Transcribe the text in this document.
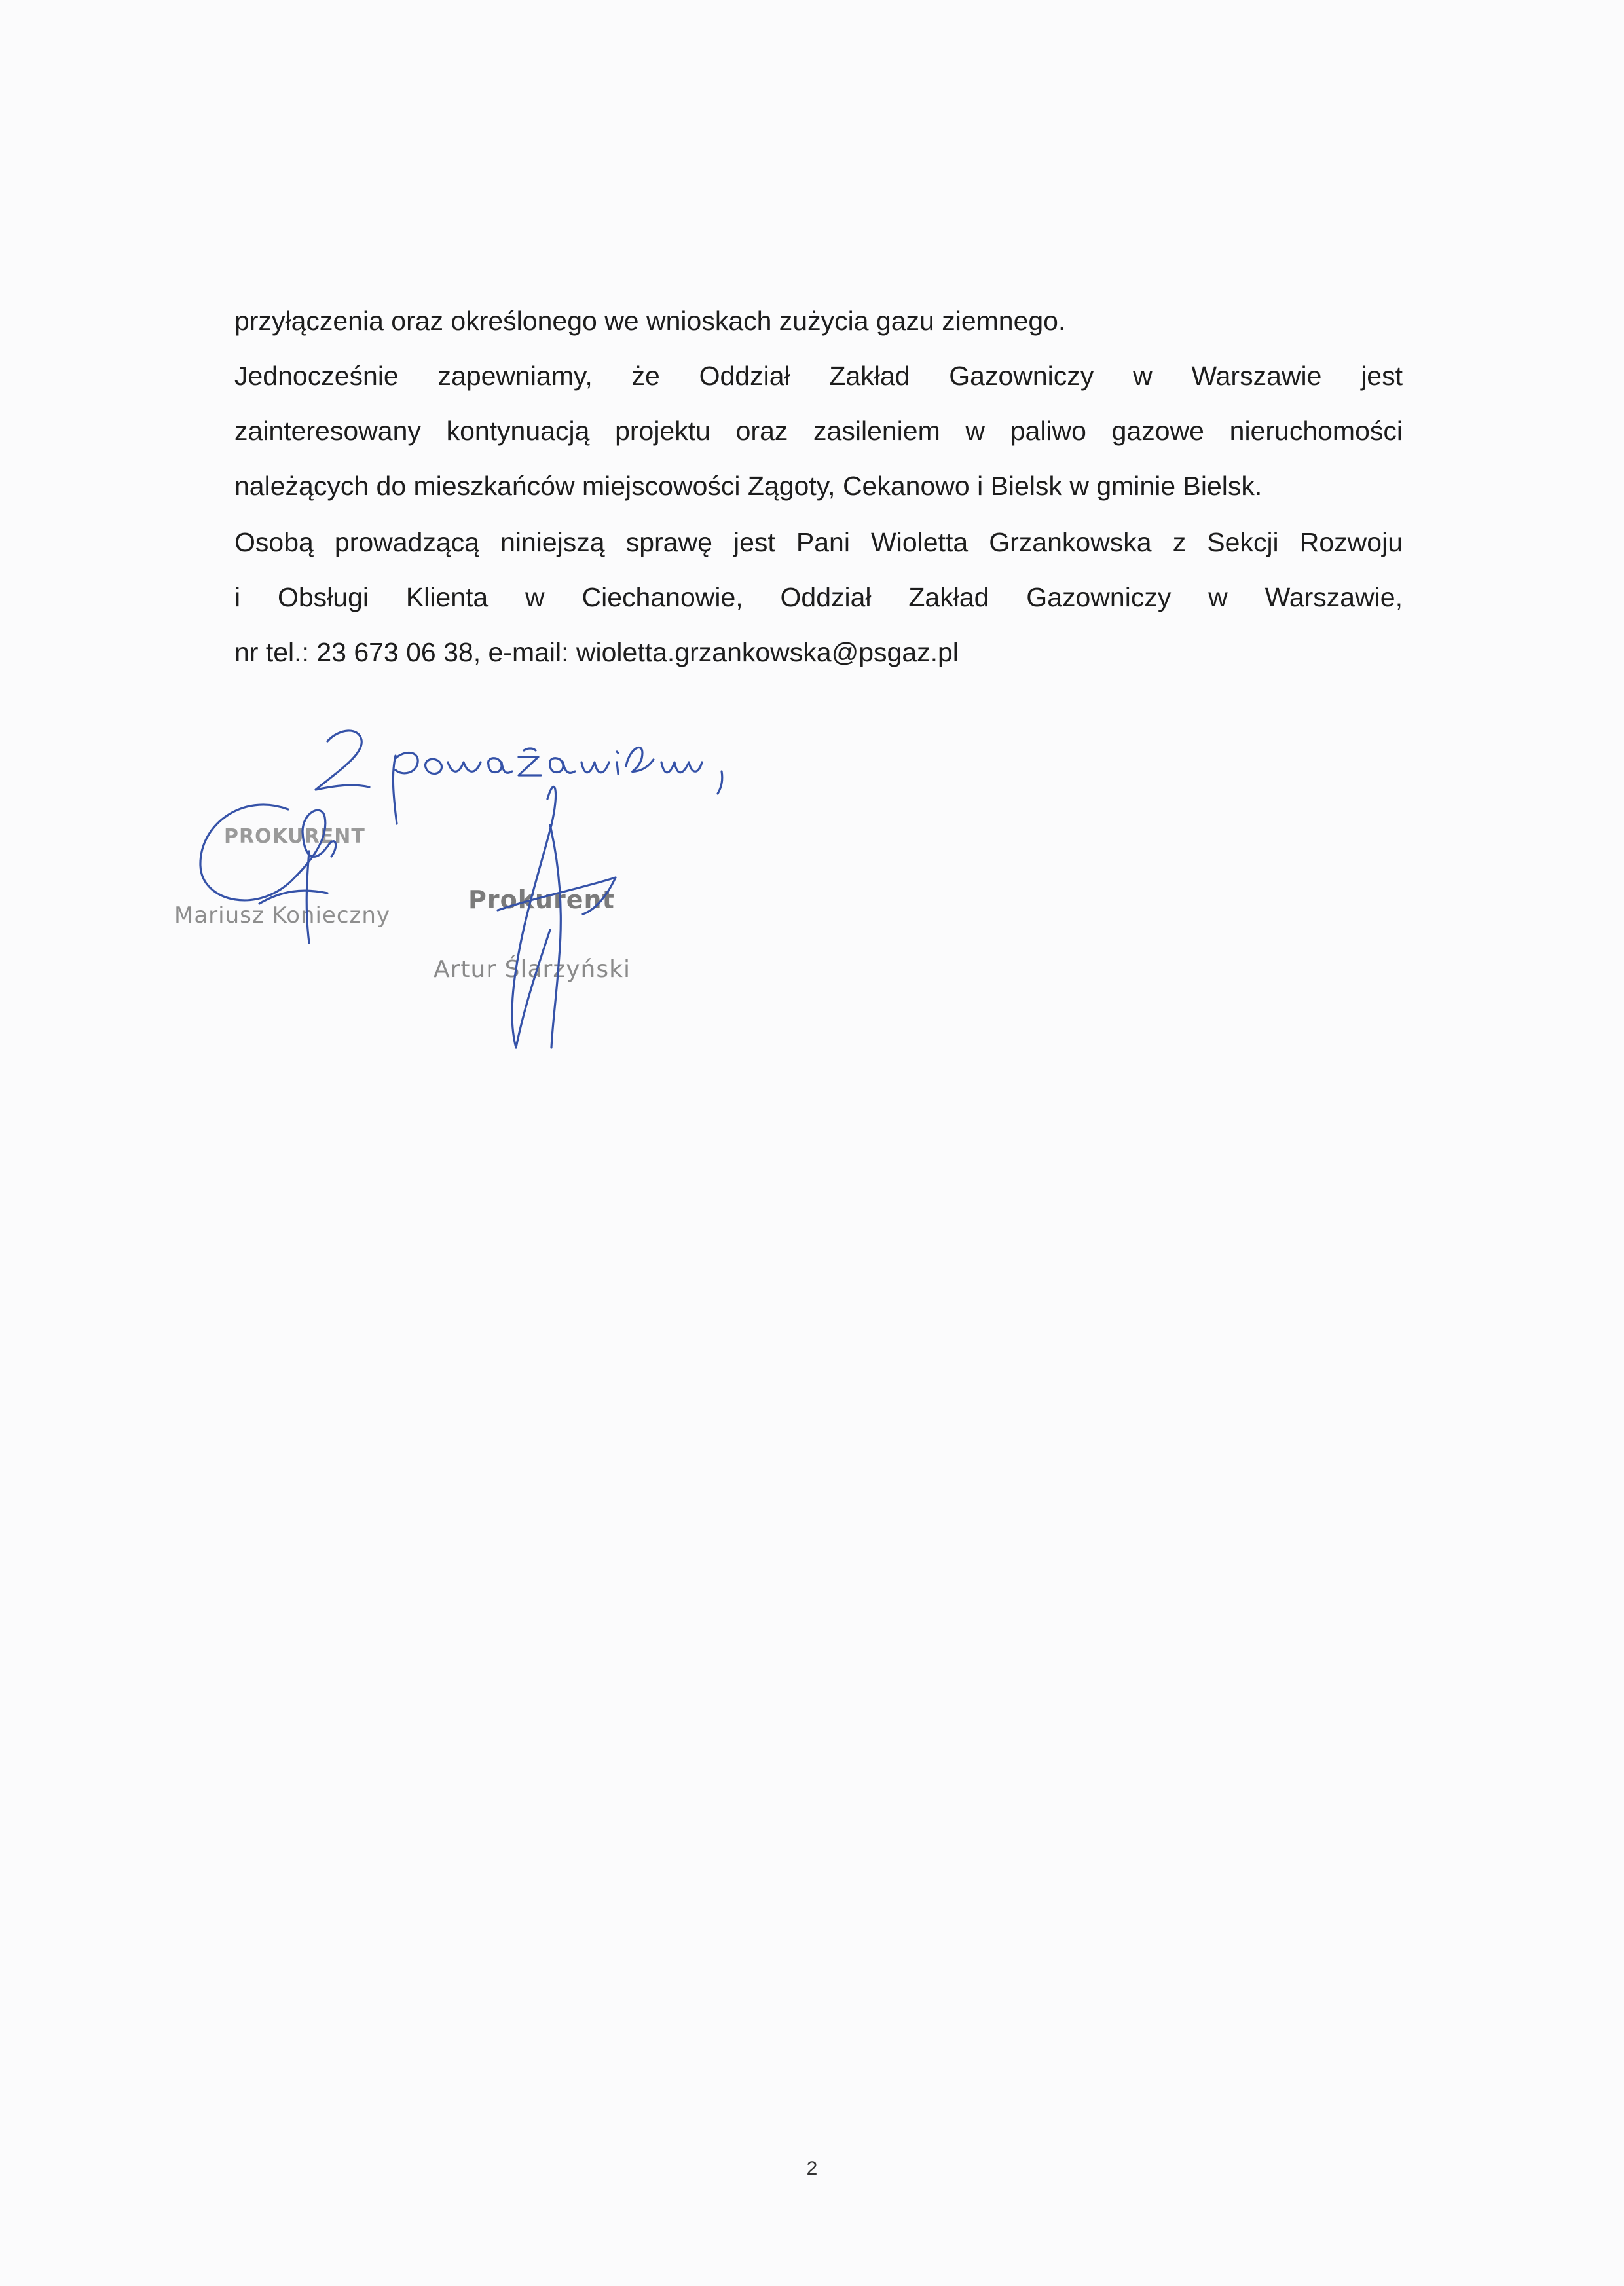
przyłączenia oraz określonego we wnioskach zużycia gazu ziemnego.
Jednocześnie zapewniamy, że Oddział Zakład Gazowniczy w Warszawie jest
zainteresowany kontynuacją projektu oraz zasileniem w paliwo gazowe nieruchomości
należących do mieszkańców miejscowości Zągoty, Cekanowo i Bielsk w gminie Bielsk.

Osobą prowadzącą niniejszą sprawę jest Pani Wioletta Grzankowska z Sekcji Rozwoju
i Obsługi Klienta w Ciechanowie, Oddział Zakład Gazowniczy w Warszawie,
nr tel.: 23 673 06 38, e-mail: wioletta.grzankowska@psgaz.pl

PROKURENT
Mariusz Konieczny
Prokurent
Artur Ślarzyński
2
